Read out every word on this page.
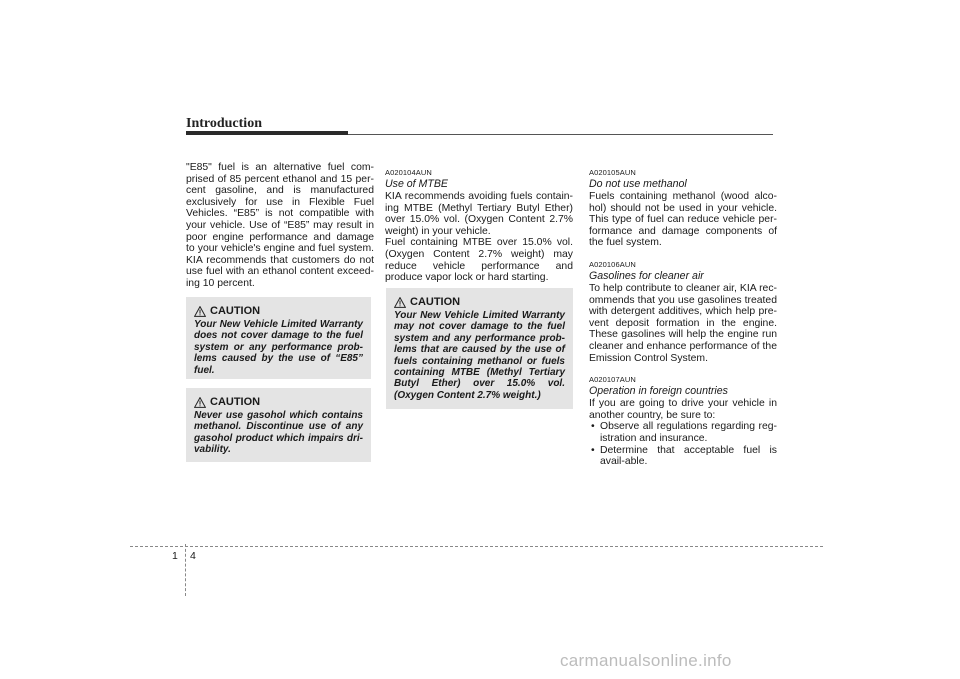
Introduction

"E85" fuel is an alternative fuel com-prised of 85 percent ethanol and 15 per-cent gasoline, and is manufactured exclusively for use in Flexible Fuel Vehicles. “E85” is not compatible with your vehicle. Use of “E85” may result in poor engine performance and damage to your vehicle's engine and fuel system. KIA recommends that customers do not use fuel with an ethanol content exceed-ing 10 percent.

CAUTION

Your New Vehicle Limited Warranty does not cover damage to the fuel system or any performance prob-lems caused by the use of “E85” fuel.

CAUTION

Never use gasohol which contains methanol. Discontinue use of any gasohol product which impairs dri-vability.

A020104AUN

Use of MTBE

KIA recommends avoiding fuels contain-ing MTBE (Methyl Tertiary Butyl Ether) over 15.0% vol. (Oxygen Content 2.7% weight) in your vehicle.

Fuel containing MTBE over 15.0% vol. (Oxygen Content 2.7% weight) may reduce vehicle performance and produce vapor lock or hard starting.

CAUTION

Your New Vehicle Limited Warranty may not cover damage to the fuel system and any performance prob-lems that are caused by the use of fuels containing methanol or fuels containing MTBE (Methyl Tertiary Butyl Ether) over 15.0% vol. (Oxygen Content 2.7% weight.)

A020105AUN

Do not use methanol

Fuels containing methanol (wood alco-hol) should not be used in your vehicle. This type of fuel can reduce vehicle per-formance and damage components of the fuel system.

A020106AUN

Gasolines for cleaner air

To help contribute to cleaner air, KIA rec-ommends that you use gasolines treated with detergent additives, which help pre-vent deposit formation in the engine. These gasolines will help the engine run cleaner and enhance performance of the Emission Control System.

A020107AUN

Operation in foreign countries

If you are going to drive your vehicle in another country, be sure to:

• Observe all regulations regarding reg-istration and insurance.
• Determine that acceptable fuel is avail-able.
1 4
carmanualsonline.info
